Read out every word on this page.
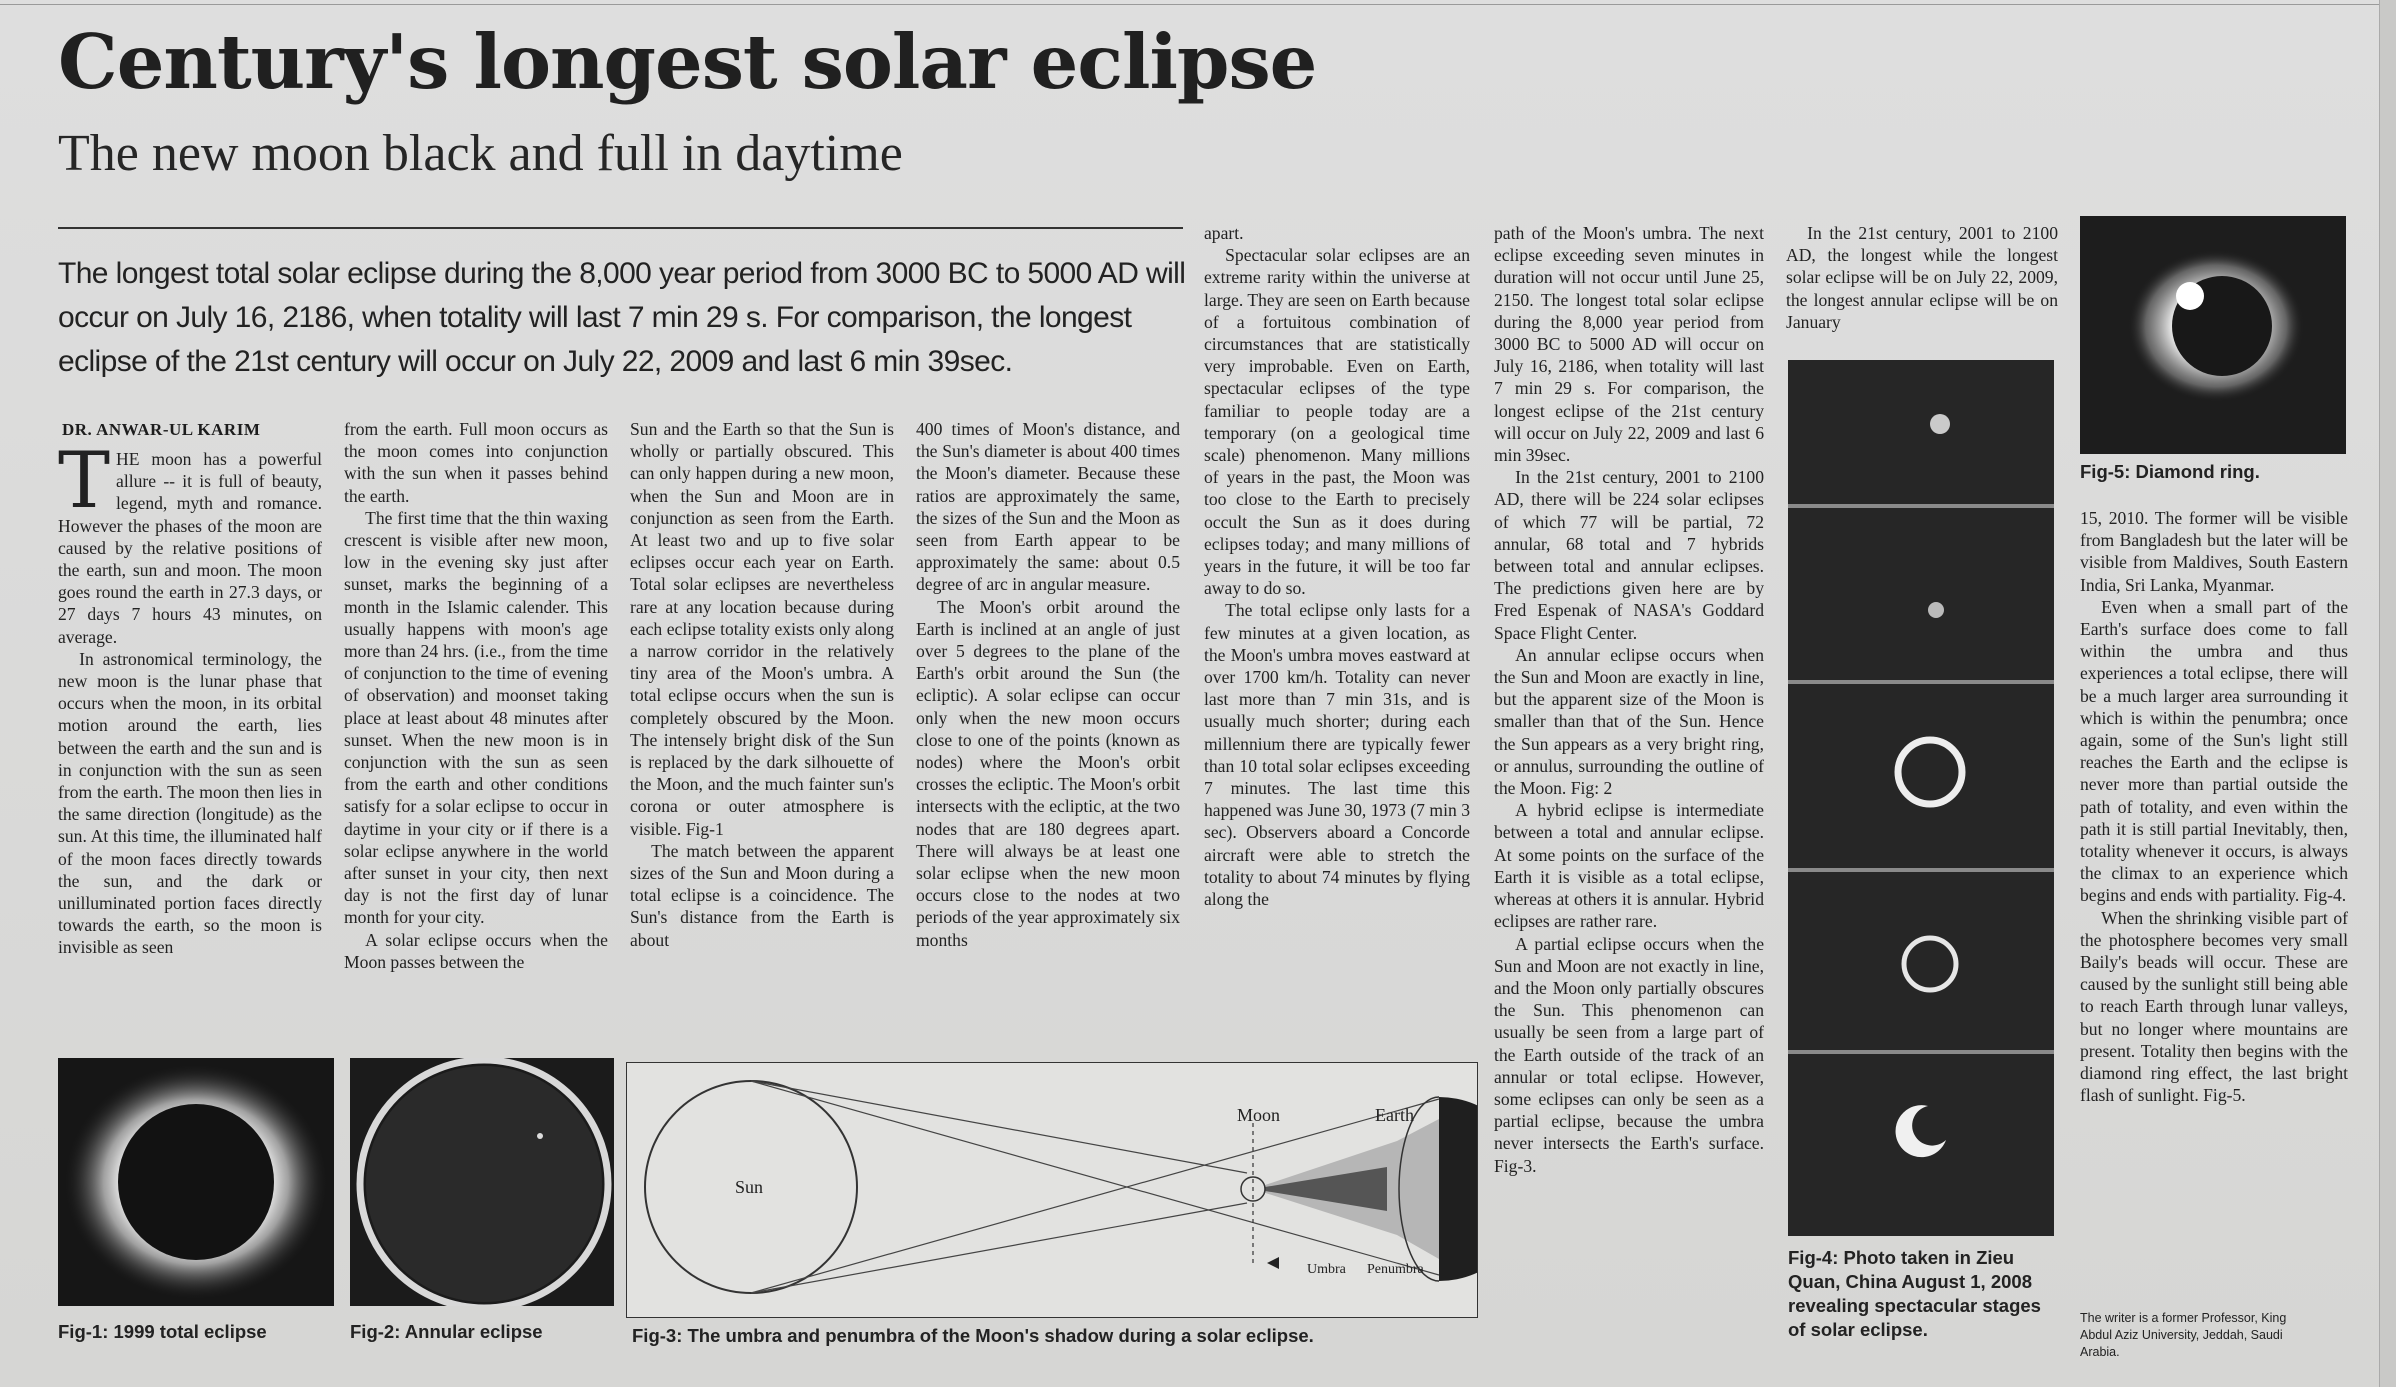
Century's longest solar eclipse
The new moon black and full in daytime
The longest total solar eclipse during the 8,000 year period from 3000 BC to 5000 AD will occur on July 16, 2186, when totality will last 7 min 29 s. For comparison, the longest eclipse of the 21st century will occur on July 22, 2009 and last 6 min 39sec.
DR. ANWAR-UL KARIM

THE moon has a powerful allure -- it is full of beauty, legend, myth and romance. However the phases of the moon are caused by the relative positions of the earth, sun and moon. The moon goes round the earth in 27.3 days, or 27 days 7 hours 43 minutes, on average.

In astronomical terminology, the new moon is the lunar phase that occurs when the moon, in its orbital motion around the earth, lies between the earth and the sun and is in conjunction with the sun as seen from the earth. The moon then lies in the same direction (longitude) as the sun. At this time, the illuminated half of the moon faces directly towards the sun, and the dark or unilluminated portion faces directly towards the earth, so the moon is invisible as seen

from the earth. Full moon occurs as the moon comes into conjunction with the sun when it passes behind the earth.

The first time that the thin waxing crescent is visible after new moon, low in the evening sky just after sunset, marks the beginning of a month in the Islamic calender. This usually happens with moon's age more than 24 hrs. (i.e., from the time of conjunction to the time of evening of observation) and moonset taking place at least about 48 minutes after sunset. When the new moon is in conjunction with the sun as seen from the earth and other conditions satisfy for a solar eclipse to occur in daytime in your city or if there is a solar eclipse anywhere in the world after sunset in your city, then next day is not the first day of lunar month for your city.

A solar eclipse occurs when the Moon passes between the

Sun and the Earth so that the Sun is wholly or partially obscured. This can only happen during a new moon, when the Sun and Moon are in conjunction as seen from the Earth. At least two and up to five solar eclipses occur each year on Earth. Total solar eclipses are nevertheless rare at any location because during each eclipse totality exists only along a narrow corridor in the relatively tiny area of the Moon's umbra. A total eclipse occurs when the sun is completely obscured by the Moon. The intensely bright disk of the Sun is replaced by the dark silhouette of the Moon, and the much fainter sun's corona or outer atmosphere is visible. Fig-1

The match between the apparent sizes of the Sun and Moon during a total eclipse is a coincidence. The Sun's distance from the Earth is about

400 times of Moon's distance, and the Sun's diameter is about 400 times the Moon's diameter. Because these ratios are approximately the same, the sizes of the Sun and the Moon as seen from Earth appear to be approximately the same: about 0.5 degree of arc in angular measure.

The Moon's orbit around the Earth is inclined at an angle of just over 5 degrees to the plane of the Earth's orbit around the Sun (the ecliptic). A solar eclipse can occur only when the new moon occurs close to one of the points (known as nodes) where the Moon's orbit crosses the ecliptic. The Moon's orbit intersects with the ecliptic, at the two nodes that are 180 degrees apart. There will always be at least one solar eclipse when the new moon occurs close to the nodes at two periods of the year approximately six months

apart.

Spectacular solar eclipses are an extreme rarity within the universe at large. They are seen on Earth because of a fortuitous combination of circumstances that are statistically very improbable. Even on Earth, spectacular eclipses of the type familiar to people today are a temporary (on a geological time scale) phenomenon. Many millions of years in the past, the Moon was too close to the Earth to precisely occult the Sun as it does during eclipses today; and many millions of years in the future, it will be too far away to do so.

The total eclipse only lasts for a few minutes at a given location, as the Moon's umbra moves eastward at over 1700 km/h. Totality can never last more than 7 min 31s, and is usually much shorter; during each millennium there are typically fewer than 10 total solar eclipses exceeding 7 minutes. The last time this happened was June 30, 1973 (7 min 3 sec). Observers aboard a Concorde aircraft were able to stretch the totality to about 74 minutes by flying along the

path of the Moon's umbra. The next eclipse exceeding seven minutes in duration will not occur until June 25, 2150. The longest total solar eclipse during the 8,000 year period from 3000 BC to 5000 AD will occur on July 16, 2186, when totality will last 7 min 29 s. For comparison, the longest eclipse of the 21st century will occur on July 22, 2009 and last 6 min 39sec.

In the 21st century, 2001 to 2100 AD, there will be 224 solar eclipses of which 77 will be partial, 72 annular, 68 total and 7 hybrids between total and annular eclipses. The predictions given here are by Fred Espenak of NASA's Goddard Space Flight Center.

An annular eclipse occurs when the Sun and Moon are exactly in line, but the apparent size of the Moon is smaller than that of the Sun. Hence the Sun appears as a very bright ring, or annulus, surrounding the outline of the Moon. Fig: 2

A hybrid eclipse is intermediate between a total and annular eclipse. At some points on the surface of the Earth it is visible as a total eclipse, whereas at others it is annular. Hybrid eclipses are rather rare.

A partial eclipse occurs when the Sun and Moon are not exactly in line, and the Moon only partially obscures the Sun. This phenomenon can usually be seen from a large part of the Earth outside of the track of an annular or total eclipse. However, some eclipses can only be seen as a partial eclipse, because the umbra never intersects the Earth's surface. Fig-3.

In the 21st century, 2001 to 2100 AD, the longest while the longest solar eclipse will be on July 22, 2009, the longest annular eclipse will be on January

15, 2010. The former will be visible from Bangladesh but the later will be visible from Maldives, South Eastern India, Sri Lanka, Myanmar.

Even when a small part of the Earth's surface does come to fall within the umbra and thus experiences a total eclipse, there will be a much larger area surrounding it which is within the penumbra; once again, some of the Sun's light still reaches the Earth and the eclipse is never more than partial outside the path of totality, and even within the path it is still partial Inevitably, then, totality whenever it occurs, is always the climax to an experience which begins and ends with partiality. Fig-4.

When the shrinking visible part of the photosphere becomes very small Baily's beads will occur. These are caused by the sunlight still being able to reach Earth through lunar valleys, but no longer where mountains are present. Totality then begins with the diamond ring effect, the last bright flash of sunlight. Fig-5.

Fig-1: 1999 total eclipse	Fig-2: Annular eclipse
Sun
Moon	Earth
Umbra Penumbra
Fig-3: The umbra and penumbra of the Moon's shadow during a solar eclipse.
Fig-4: Photo taken in Zieu Quan, China August 1, 2008 revealing spectacular stages of solar eclipse.
Fig-5: Diamond ring.
The writer is a former Professor, King Abdul Aziz University, Jeddah, Saudi Arabia.
